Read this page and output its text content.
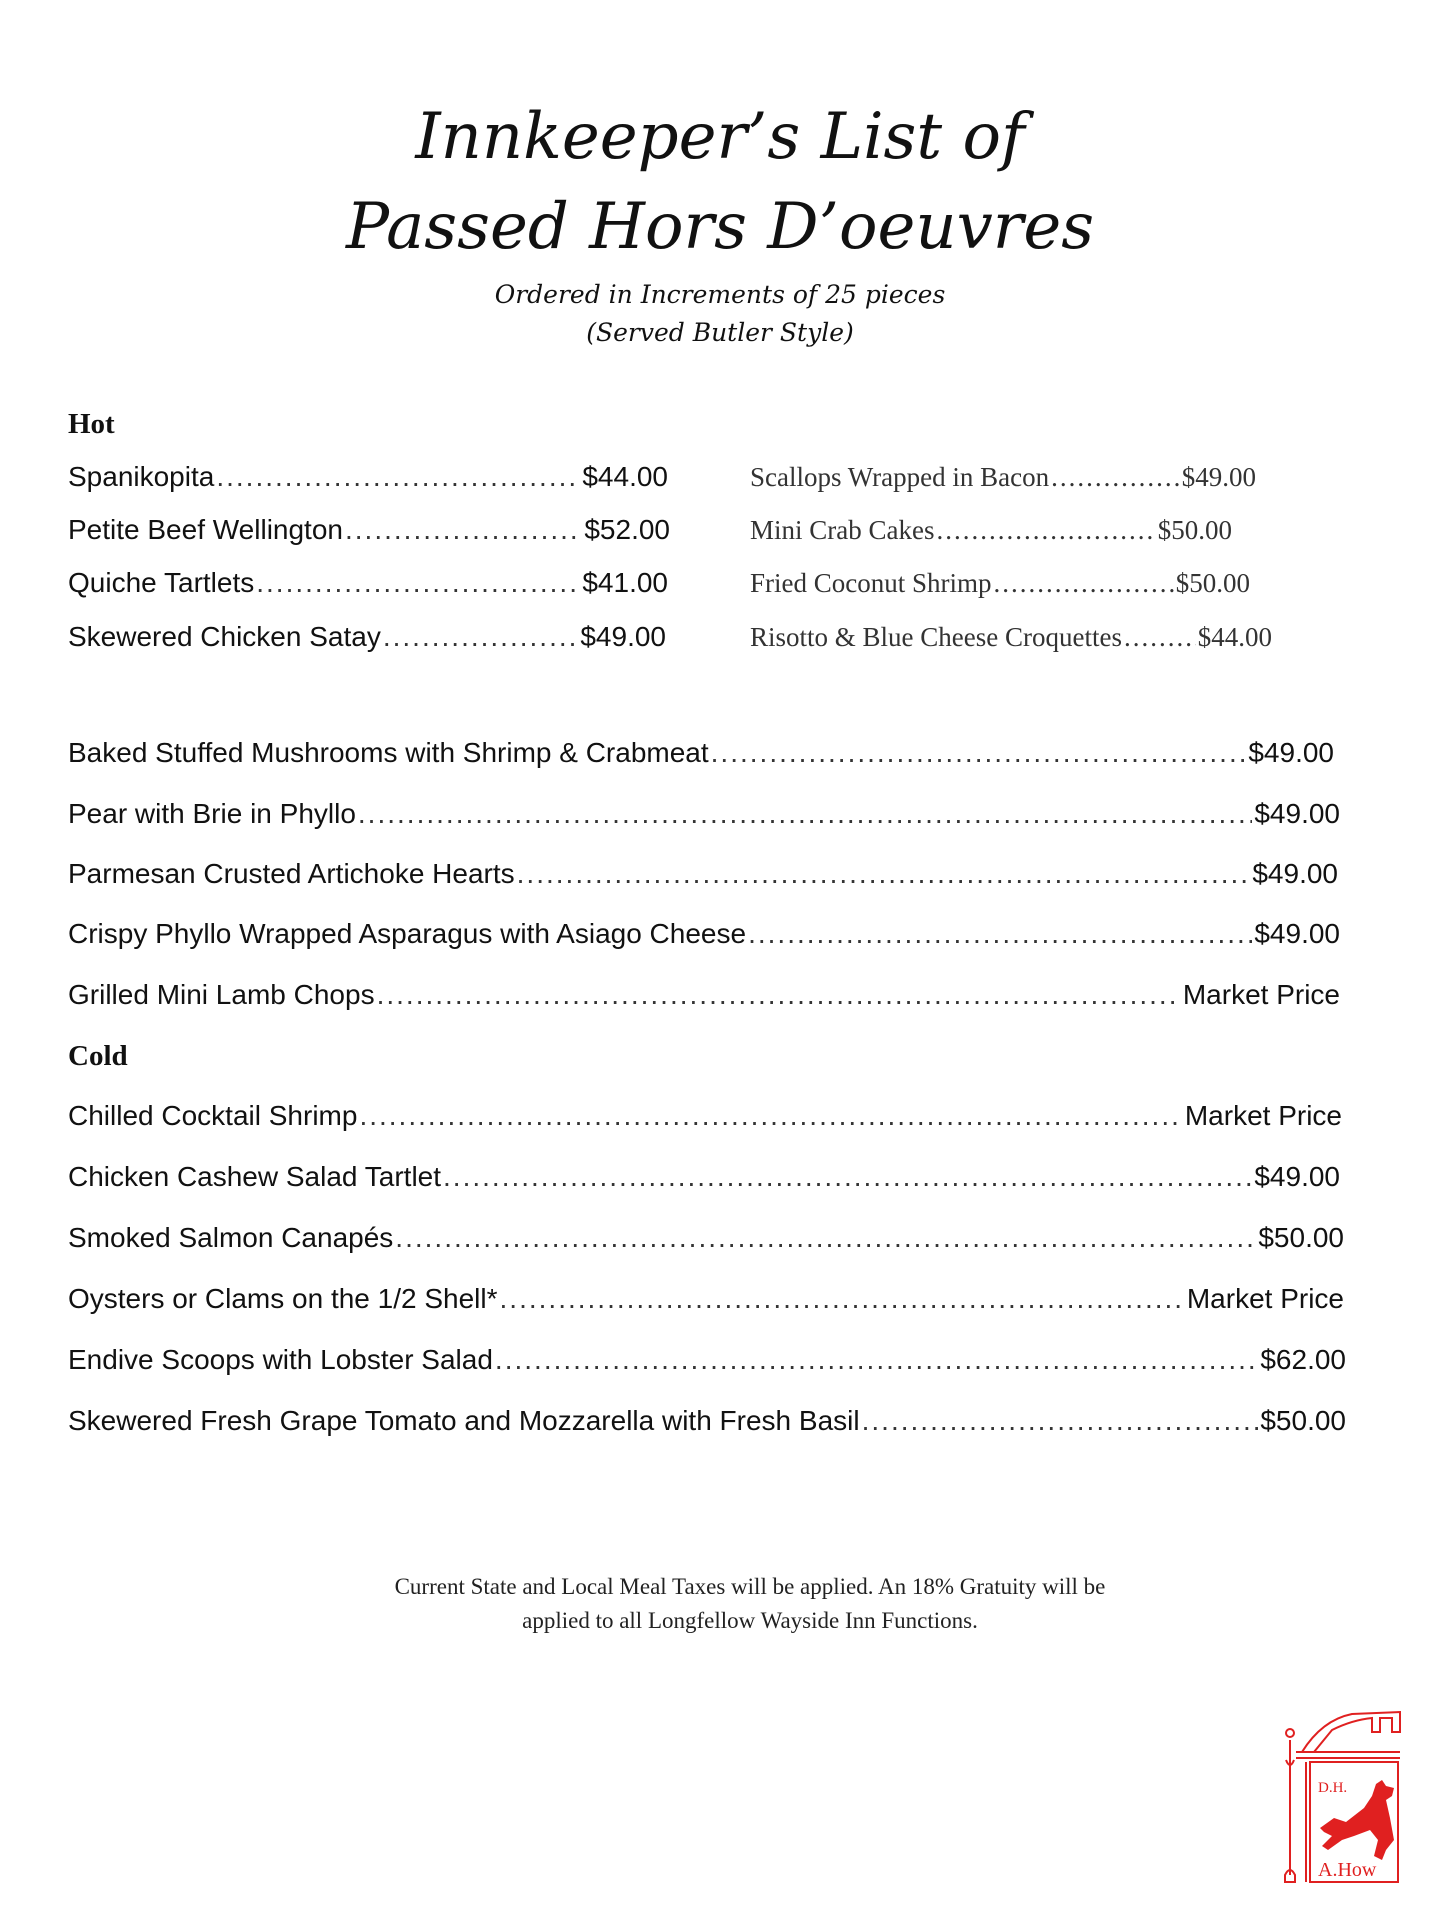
Innkeeper’s List of
Passed Hors D’oeuvres
Ordered in Increments of 25 pieces
(Served Butler Style)
Hot
Spanikopita .....	$44.00
Petite Beef Wellington .....	$52.00
Quiche Tartlets .....	$41.00
Skewered Chicken Satay .....	$49.00
Scallops Wrapped in Bacon .....	$49.00
Mini Crab Cakes .....	$50.00
Fried Coconut Shrimp .....	$50.00
Risotto & Blue Cheese Croquettes .....	$44.00
Baked Stuffed Mushrooms with Shrimp & Crabmeat .....	$49.00
Pear with Brie in Phyllo .....	$49.00
Parmesan Crusted Artichoke Hearts .....	$49.00
Crispy Phyllo Wrapped Asparagus with Asiago Cheese .....	$49.00
Grilled Mini Lamb Chops .....	Market Price
Cold
Chilled Cocktail Shrimp .....	Market Price
Chicken Cashew Salad Tartlet .....	$49.00
Smoked Salmon Canapés .....	$50.00
Oysters or Clams on the 1/2 Shell* .....	Market Price
Endive Scoops with Lobster Salad .....	$62.00
Skewered Fresh Grape Tomato and Mozzarella with Fresh Basil .....	$50.00
Current State and Local Meal Taxes will be applied. An 18% Gratuity will be
applied to all Longfellow Wayside Inn Functions.
D.H.
A.How
